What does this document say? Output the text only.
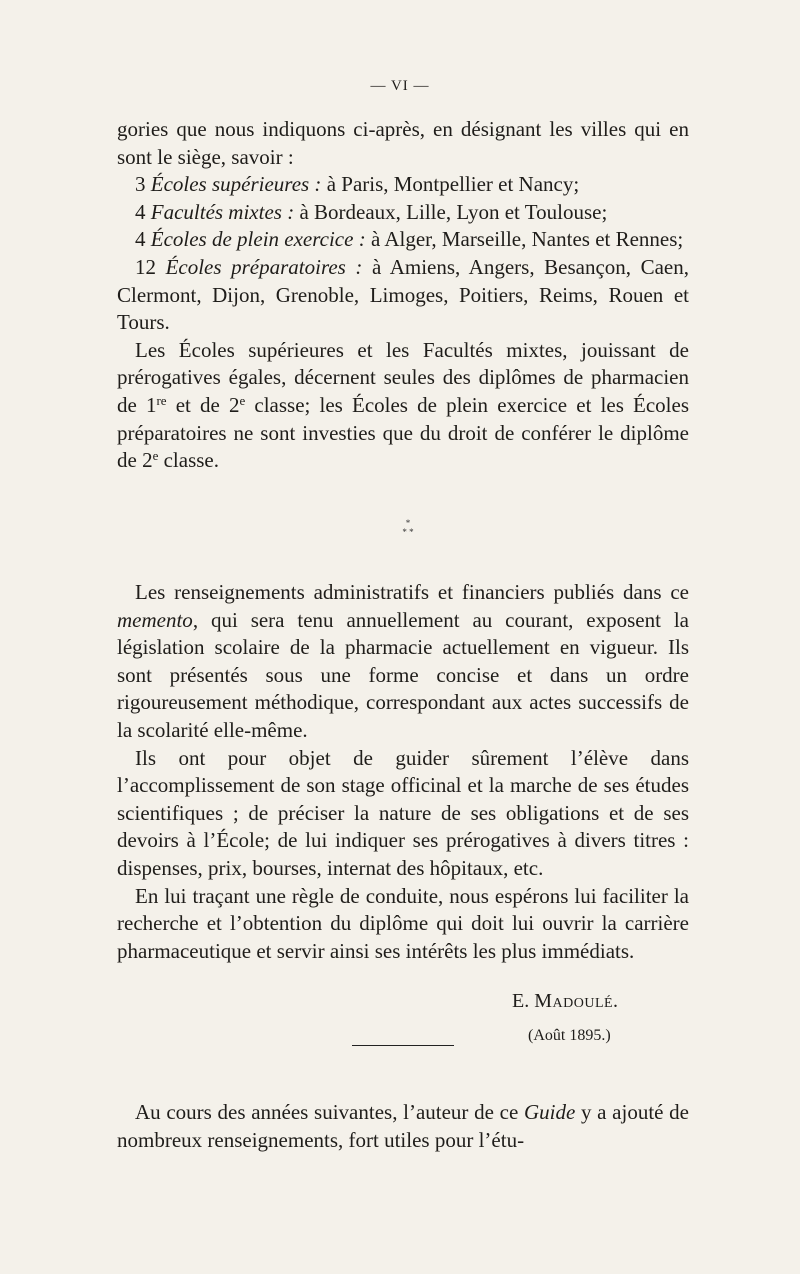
— VI —

gories que nous indiquons ci-après, en désignant les villes qui en sont le siège, savoir :

3 Écoles supérieures : à Paris, Montpellier et Nancy;

4 Facultés mixtes : à Bordeaux, Lille, Lyon et Toulouse;

4 Écoles de plein exercice : à Alger, Marseille, Nantes et Rennes;

12 Écoles préparatoires : à Amiens, Angers, Besançon, Caen, Clermont, Dijon, Grenoble, Limoges, Poitiers, Reims, Rouen et Tours.

Les Écoles supérieures et les Facultés mixtes, jouissant de prérogatives égales, décernent seules des diplômes de pharmacien de 1re et de 2e classe; les Écoles de plein exercice et les Écoles préparatoires ne sont investies que du droit de conférer le diplôme de 2e classe.

*
* *

Les renseignements administratifs et financiers publiés dans ce memento, qui sera tenu annuellement au courant, exposent la législation scolaire de la pharmacie actuellement en vigueur. Ils sont présentés sous une forme concise et dans un ordre rigoureusement méthodique, correspondant aux actes successifs de la scolarité elle-même.

Ils ont pour objet de guider sûrement l’élève dans l’accomplissement de son stage officinal et la marche de ses études scientifiques ; de préciser la nature de ses obligations et de ses devoirs à l’École; de lui indiquer ses prérogatives à divers titres : dispenses, prix, bourses, internat des hôpitaux, etc.

En lui traçant une règle de conduite, nous espérons lui faciliter la recherche et l’obtention du diplôme qui doit lui ouvrir la carrière pharmaceutique et servir ainsi ses intérêts les plus immédiats.

E. Madoulé.
(Août 1895.)

Au cours des années suivantes, l’auteur de ce Guide y a ajouté de nombreux renseignements, fort utiles pour l’étu-
